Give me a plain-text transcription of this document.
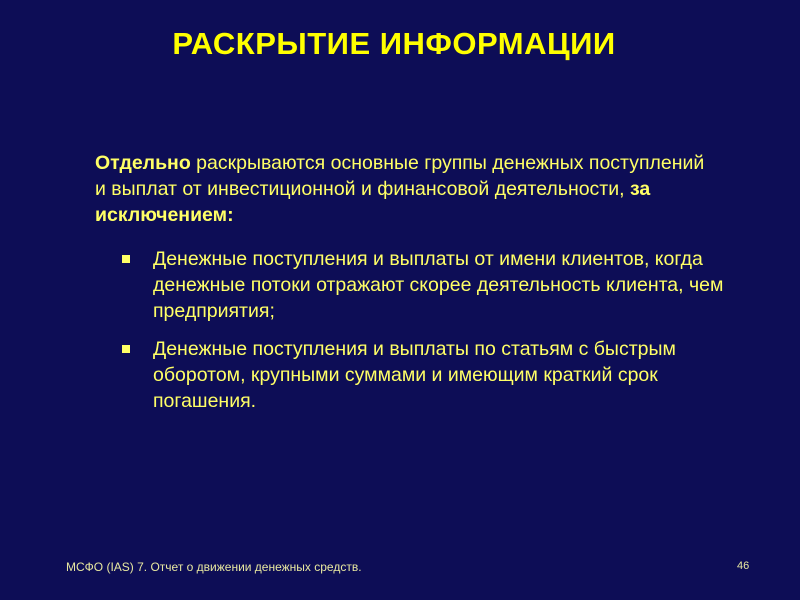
РАСКРЫТИЕ ИНФОРМАЦИИ
Отдельно раскрываются основные группы денежных поступлений и выплат от инвестиционной и финансовой деятельности, за исключением:
Денежные поступления и выплаты от имени клиентов, когда денежные потоки отражают скорее деятельность клиента, чем предприятия;
Денежные поступления и выплаты по статьям с быстрым оборотом, крупными суммами и имеющим краткий срок погашения.
МСФО (IAS) 7. Отчет о движении денежных средств.	46
